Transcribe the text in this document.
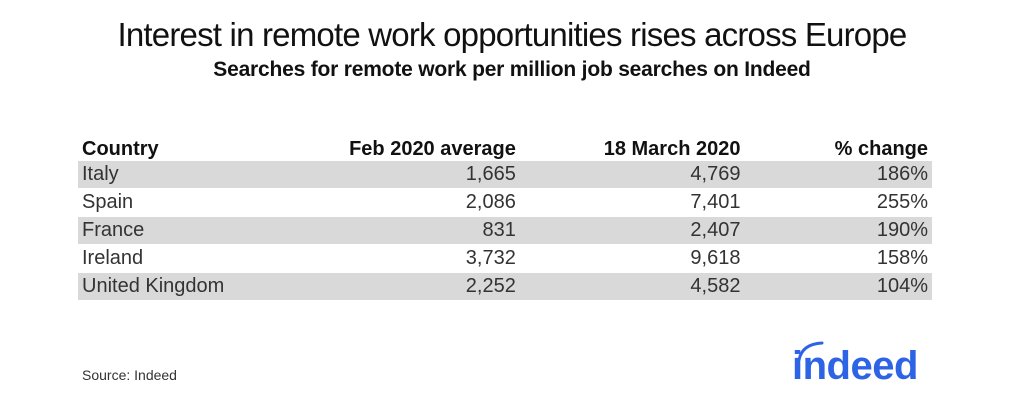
Interest in remote work opportunities rises across Europe
Searches for remote work per million job searches on Indeed
Country	Feb 2020 average	18 March 2020	% change
Italy	1,665	4,769	186%
Spain	2,086	7,401	255%
France	831	2,407	190%
Ireland	3,732	9,618	158%
United Kingdom	2,252	4,582	104%
Source: Indeed	indeed
